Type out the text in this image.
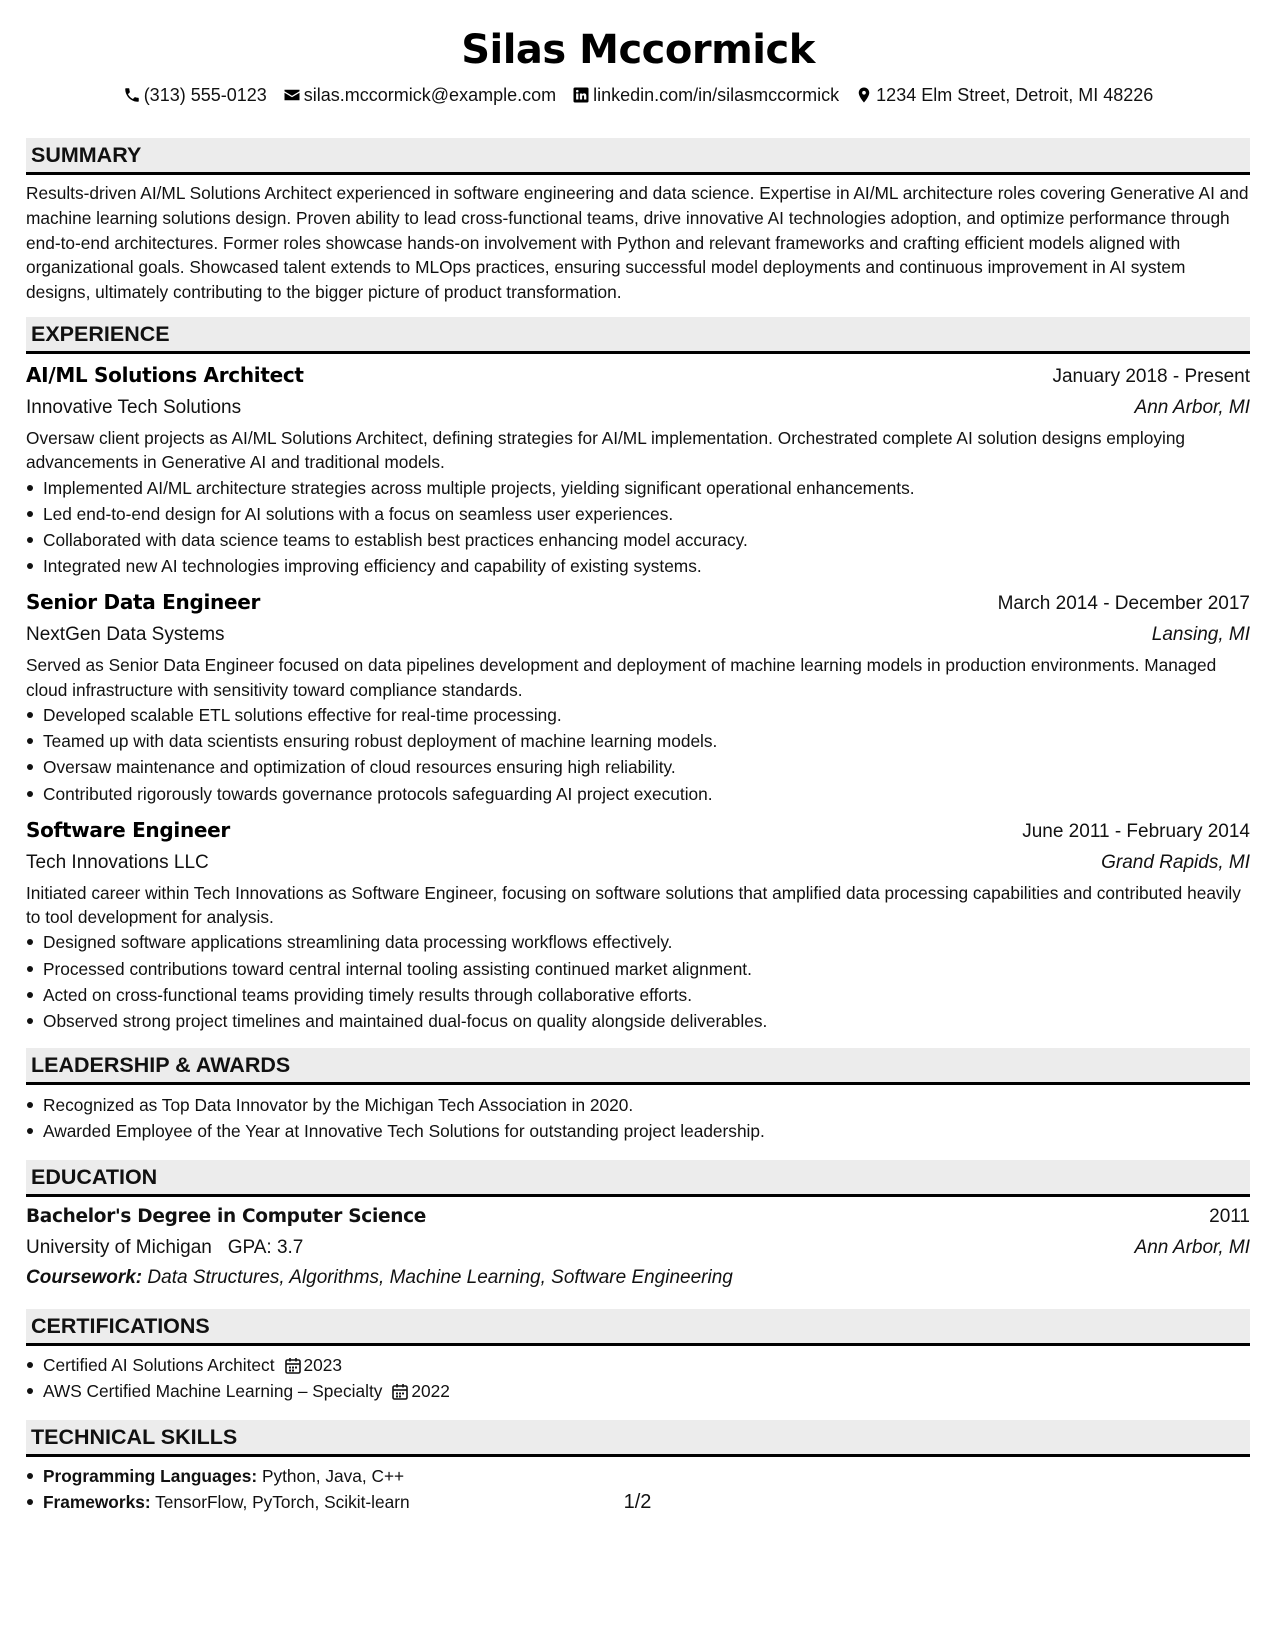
Silas Mccormick
(313) 555-0123 silas.mccormick@example.com linkedin.com/in/silasmccormick 1234 Elm Street, Detroit, MI 48226
SUMMARY
Results-driven AI/ML Solutions Architect experienced in software engineering and data science. Expertise in AI/ML architecture roles covering Generative AI and machine learning solutions design. Proven ability to lead cross-functional teams, drive innovative AI technologies adoption, and optimize performance through end-to-end architectures. Former roles showcase hands-on involvement with Python and relevant frameworks and crafting efficient models aligned with organizational goals. Showcased talent extends to MLOps practices, ensuring successful model deployments and continuous improvement in AI system designs, ultimately contributing to the bigger picture of product transformation.
EXPERIENCE
AI/ML Solutions Architect	January 2018 - Present
Innovative Tech Solutions	Ann Arbor, MI
Oversaw client projects as AI/ML Solutions Architect, defining strategies for AI/ML implementation. Orchestrated complete AI solution designs employing advancements in Generative AI and traditional models.
Implemented AI/ML architecture strategies across multiple projects, yielding significant operational enhancements.
Led end-to-end design for AI solutions with a focus on seamless user experiences.
Collaborated with data science teams to establish best practices enhancing model accuracy.
Integrated new AI technologies improving efficiency and capability of existing systems.
Senior Data Engineer	March 2014 - December 2017
NextGen Data Systems	Lansing, MI
Served as Senior Data Engineer focused on data pipelines development and deployment of machine learning models in production environments. Managed cloud infrastructure with sensitivity toward compliance standards.
Developed scalable ETL solutions effective for real-time processing.
Teamed up with data scientists ensuring robust deployment of machine learning models.
Oversaw maintenance and optimization of cloud resources ensuring high reliability.
Contributed rigorously towards governance protocols safeguarding AI project execution.
Software Engineer	June 2011 - February 2014
Tech Innovations LLC	Grand Rapids, MI
Initiated career within Tech Innovations as Software Engineer, focusing on software solutions that amplified data processing capabilities and contributed heavily to tool development for analysis.
Designed software applications streamlining data processing workflows effectively.
Processed contributions toward central internal tooling assisting continued market alignment.
Acted on cross-functional teams providing timely results through collaborative efforts.
Observed strong project timelines and maintained dual-focus on quality alongside deliverables.
LEADERSHIP & AWARDS
Recognized as Top Data Innovator by the Michigan Tech Association in 2020.
Awarded Employee of the Year at Innovative Tech Solutions for outstanding project leadership.
EDUCATION
Bachelor's Degree in Computer Science	2011
University of Michigan GPA: 3.7	Ann Arbor, MI
Coursework: Data Structures, Algorithms, Machine Learning, Software Engineering
CERTIFICATIONS
Certified AI Solutions Architect 2023
AWS Certified Machine Learning – Specialty 2022
TECHNICAL SKILLS
Programming Languages: Python, Java, C++
Frameworks: TensorFlow, PyTorch, Scikit-learn	1/2
